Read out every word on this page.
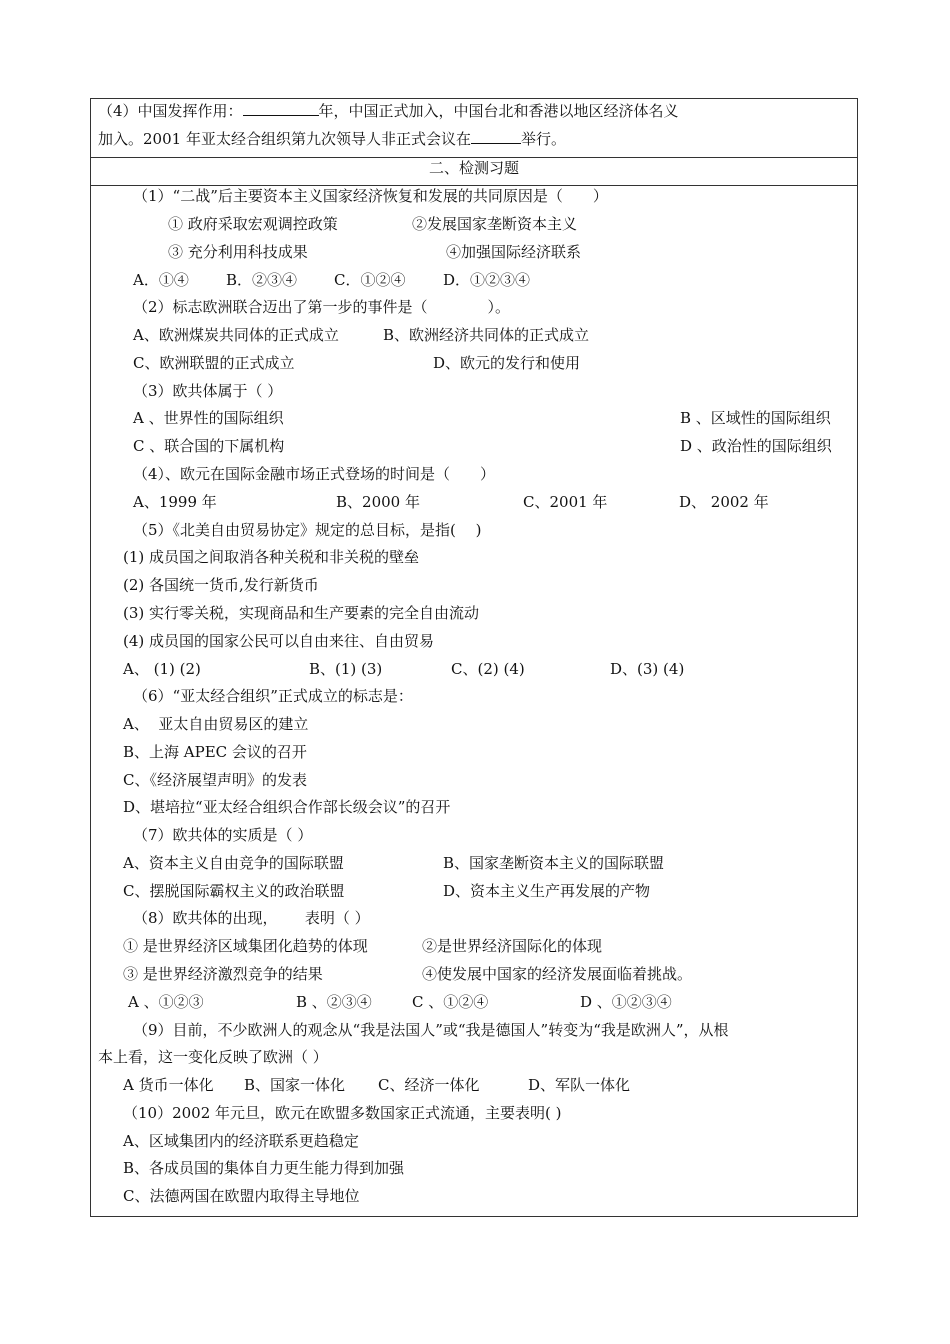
（4）中国发挥作用：	年，中国正式加入，中国台北和香港以地区经济体名义
加入。2001 年亚太经合组织第九次领导人非正式会议在	举行。
二、检测习题
（1）“二战”后主要资本主义国家经济恢复和发展的共同原因是（　　）
① 政府采取宏观调控政策	②发展国家垄断资本主义
③ 充分利用科技成果	④加强国际经济联系
A．①④ B．②③④ C．①②④	D．①②③④
（2）标志欧洲联合迈出了第一步的事件是（　　　　）。
A、欧洲煤炭共同体的正式成立	B、欧洲经济共同体的正式成立
C、欧洲联盟的正式成立	D、欧元的发行和使用
（3）欧共体属于（ ）
A 、世界性的国际组织	B 、区域性的国际组织
C 、联合国的下属机构	D 、政治性的国际组织
（4）、欧元在国际金融市场正式登场的时间是（　　）
A、1999 年	B、2000 年	C、2001 年	D、 2002 年
（5）《北美自由贸易协定》规定的总目标，是指(　 )
(1) 成员国之间取消各种关税和非关税的壁垒
(2) 各国统一货币,发行新货币
(3) 实行零关税，实现商品和生产要素的完全自由流动
(4) 成员国的国家公民可以自由来往、自由贸易
A、 (1) (2)	B、(1) (3)	C、(2) (4)	D、(3) (4)
（6）“亚太经合组织”正式成立的标志是：
A、  亚太自由贸易区的建立
B、上海 APEC 会议的召开
C、《经济展望声明》的发表
D、堪培拉“亚太经合组织合作部长级会议”的召开
（7）欧共体的实质是（ ）
A、资本主义自由竞争的国际联盟	B、国家垄断资本主义的国际联盟
C、摆脱国际霸权主义的政治联盟	D、资本主义生产再发展的产物
（8）欧共体的出现，　　 表明（ ）
① 是世界经济区域集团化趋势的体现	②是世界经济国际化的体现
③ 是世界经济激烈竞争的结果	④使发展中国家的经济发展面临着挑战。
A 、①②③	B 、②③④	C 、①②④	D 、①②③④
（9）目前，不少欧洲人的观念从“我是法国人”或“我是德国人”转变为“我是欧洲人”，从根
本上看，这一变化反映了欧洲（ ）
A 货币一体化 B、国家一体化 C、经济一体化	D、军队一体化
（10）2002 年元旦，欧元在欧盟多数国家正式流通，主要表明( )
A、区域集团内的经济联系更趋稳定
B、各成员国的集体自力更生能力得到加强
C、法德两国在欧盟内取得主导地位
